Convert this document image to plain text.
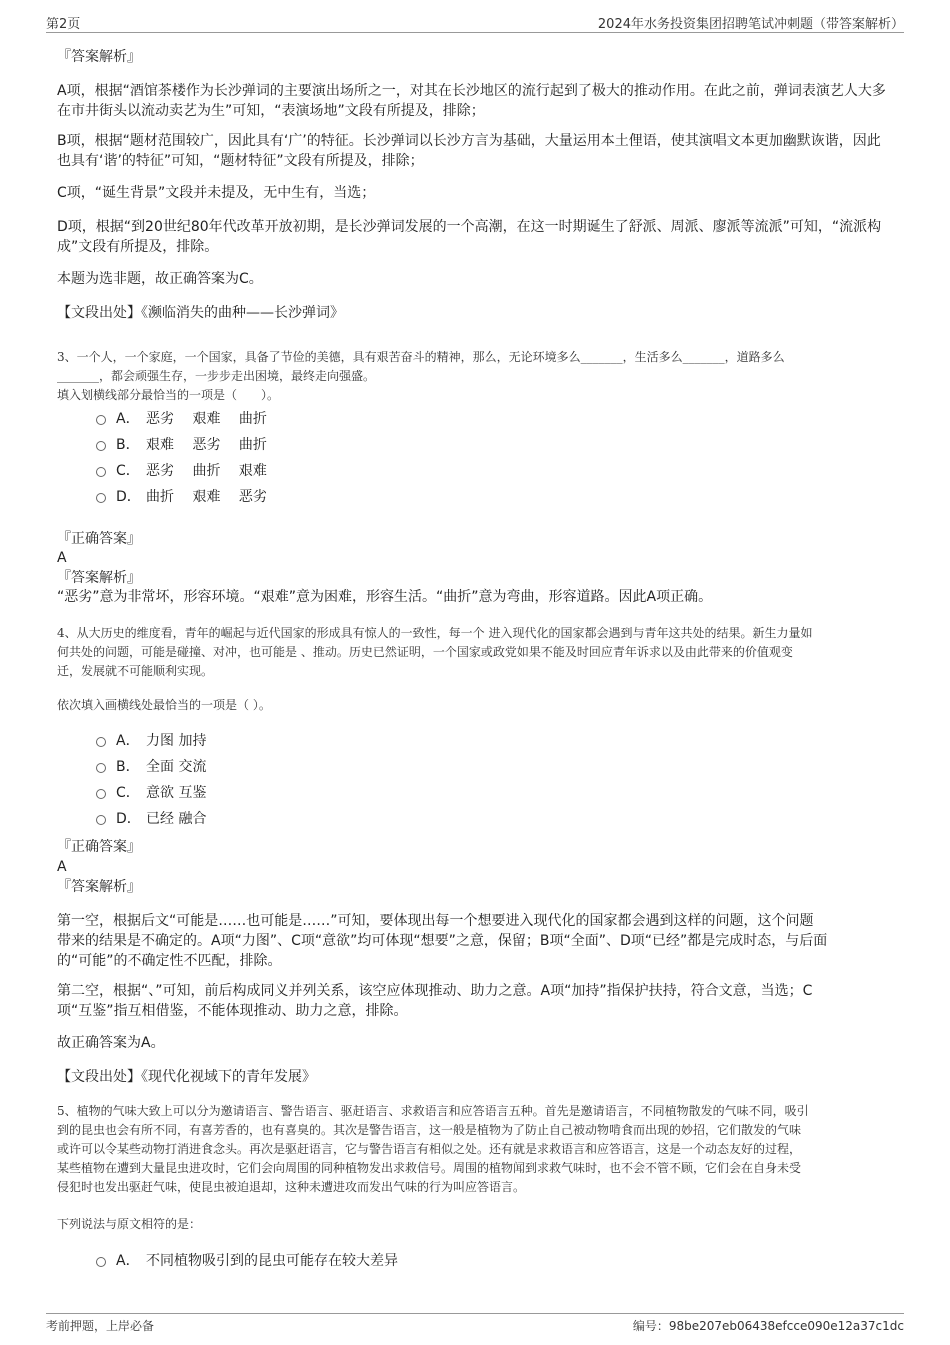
第2页	2024年水务投资集团招聘笔试冲刺题（带答案解析）
『答案解析』
A项，根据“酒馆茶楼作为长沙弹词的主要演出场所之一，对其在长沙地区的流行起到了极大的推动作用。在此之前，弹词表演艺人大多在市井街头以流动卖艺为生”可知，“表演场地”文段有所提及，排除；
B项，根据“题材范围较广，因此具有‘广’的特征。长沙弹词以长沙方言为基础，大量运用本土俚语，使其演唱文本更加幽默诙谐，因此也具有‘谐’的特征”可知，“题材特征”文段有所提及，排除；
C项，“诞生背景”文段并未提及，无中生有，当选；
D项，根据“到20世纪80年代改革开放初期，是长沙弹词发展的一个高潮，在这一时期诞生了舒派、周派、廖派等流派”可知，“流派构成”文段有所提及，排除。
本题为选非题，故正确答案为C。
【文段出处】《濒临消失的曲种——长沙弹词》
3、一个人，一个家庭，一个国家，具备了节俭的美德，具有艰苦奋斗的精神，那么，无论环境多么_______，生活多么_______，道路多么
_______，都会顽强生存，一步步走出困境，最终走向强盛。
填入划横线部分最恰当的一项是（　　）。
A． 恶劣　 艰难　 曲折
B． 艰难　 恶劣　 曲折
C． 恶劣　 曲折　 艰难
D． 曲折　 艰难　 恶劣
『正确答案』
A
『答案解析』
“恶劣”意为非常坏，形容环境。“艰难”意为困难，形容生活。“曲折”意为弯曲，形容道路。因此A项正确。
4、从大历史的维度看，青年的崛起与近代国家的形成具有惊人的一致性，每一个 进入现代化的国家都会遇到与青年这共处的结果。新生力量如
何共处的问题，可能是碰撞、对冲，也可能是 、推动。历史已然证明，一个国家或政党如果不能及时回应青年诉求以及由此带来的价值观变
迁，发展就不可能顺利实现。
依次填入画横线处最恰当的一项是（ ）。
A． 力图 加持
B． 全面 交流
C． 意欲 互鉴
D． 已经 融合
『正确答案』
A
『答案解析』
第一空，根据后文“可能是……也可能是……”可知，要体现出每一个想要进入现代化的国家都会遇到这样的问题，这个问题
带来的结果是不确定的。A项“力图”、C项“意欲”均可体现“想要”之意，保留；B项“全面”、D项“已经”都是完成时态，与后面
的“可能”的不确定性不匹配，排除。
第二空，根据“、”可知，前后构成同义并列关系，该空应体现推动、助力之意。A项“加持”指保护扶持，符合文意，当选；C
项“互鉴”指互相借鉴，不能体现推动、助力之意，排除。
故正确答案为A。
【文段出处】《现代化视域下的青年发展》
5、植物的气味大致上可以分为邀请语言、警告语言、驱赶语言、求救语言和应答语言五种。首先是邀请语言，不同植物散发的气味不同，吸引
到的昆虫也会有所不同，有喜芳香的，也有喜臭的。其次是警告语言，这一般是植物为了防止自己被动物啃食而出现的妙招，它们散发的气味
或许可以令某些动物打消进食念头。再次是驱赶语言，它与警告语言有相似之处。还有就是求救语言和应答语言，这是一个动态友好的过程，
某些植物在遭到大量昆虫进攻时，它们会向周围的同种植物发出求救信号。周围的植物闻到求救气味时，也不会不管不顾，它们会在自身未受
侵犯时也发出驱赶气味，使昆虫被迫退却，这种未遭进攻而发出气味的行为叫应答语言。
下列说法与原文相符的是：
A． 不同植物吸引到的昆虫可能存在较大差异
考前押题，上岸必备	编号：98be207eb06438efcce090e12a37c1dc
